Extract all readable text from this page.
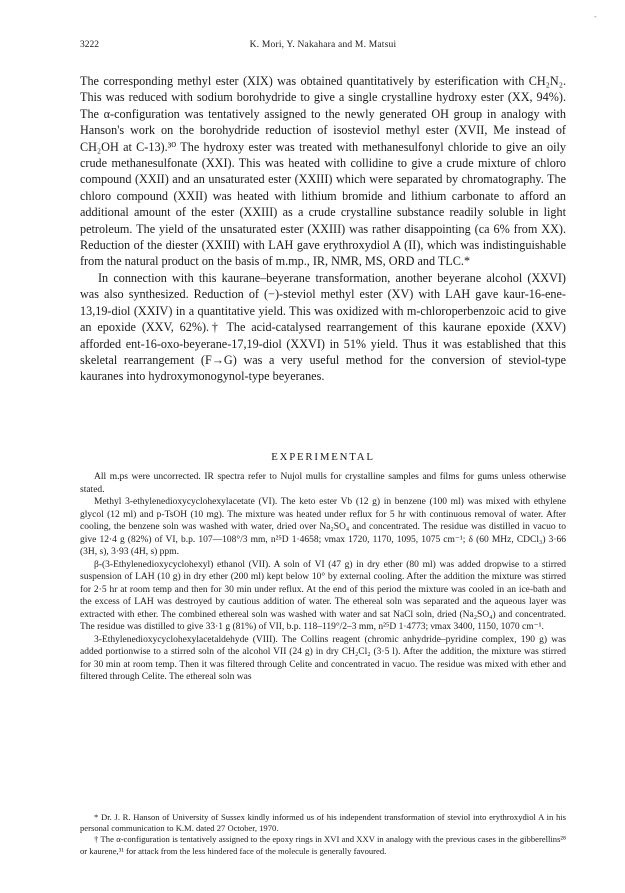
-
3222	K. Mori, Y. Nakahara and M. Matsui

The corresponding methyl ester (XIX) was obtained quantitatively by esterification with CH₂N₂. This was reduced with sodium borohydride to give a single crystalline hydroxy ester (XX, 94%). The α-configuration was tentatively assigned to the newly generated OH group in analogy with Hanson's work on the borohydride reduction of isosteviol methyl ester (XVII, Me instead of CH₂OH at C-13).³⁰ The hydroxy ester was treated with methanesulfonyl chloride to give an oily crude methanesulfonate (XXI). This was heated with collidine to give a crude mixture of chloro compound (XXII) and an unsaturated ester (XXIII) which were separated by chromatography. The chloro compound (XXII) was heated with lithium bromide and lithium carbonate to afford an additional amount of the ester (XXIII) as a crude crystalline substance readily soluble in light petroleum. The yield of the unsaturated ester (XXIII) was rather disappointing (ca 6% from XX). Reduction of the diester (XXIII) with LAH gave erythroxydiol A (II), which was indistinguishable from the natural product on the basis of m.mp., IR, NMR, MS, ORD and TLC.*

In connection with this kaurane–beyerane transformation, another beyerane alcohol (XXVI) was also synthesized. Reduction of (−)-steviol methyl ester (XV) with LAH gave kaur-16-ene-13,19-diol (XXIV) in a quantitative yield. This was oxidized with m-chloroperbenzoic acid to give an epoxide (XXV, 62%).† The acid-catalysed rearrangement of this kaurane epoxide (XXV) afforded ent-16-oxo-beyerane-17,19-diol (XXVI) in 51% yield. Thus it was established that this skeletal rearrangement (F→G) was a very useful method for the conversion of steviol-type kauranes into hydroxymonogynol-type beyeranes.

EXPERIMENTAL

All m.ps were uncorrected. IR spectra refer to Nujol mulls for crystalline samples and films for gums unless otherwise stated.

Methyl 3-ethylenedioxycyclohexylacetate (VI). The keto ester Vb (12 g) in benzene (100 ml) was mixed with ethylene glycol (12 ml) and p-TsOH (10 mg). The mixture was heated under reflux for 5 hr with continuous removal of water. After cooling, the benzene soln was washed with water, dried over Na₂SO₄ and concentrated. The residue was distilled in vacuo to give 12·4 g (82%) of VI, b.p. 107—108°/3 mm, n²⁵D 1·4658; νmax 1720, 1170, 1095, 1075 cm⁻¹; δ (60 MHz, CDCl₃) 3·66 (3H, s), 3·93 (4H, s) ppm.

β-(3-Ethylenedioxycyclohexyl) ethanol (VII). A soln of VI (47 g) in dry ether (80 ml) was added dropwise to a stirred suspension of LAH (10 g) in dry ether (200 ml) kept below 10° by external cooling. After the addition the mixture was stirred for 2·5 hr at room temp and then for 30 min under reflux. At the end of this period the mixture was cooled in an ice-bath and the excess of LAH was destroyed by cautious addition of water. The ethereal soln was separated and the aqueous layer was extracted with ether. The combined ethereal soln was washed with water and sat NaCl soln, dried (Na₂SO₄) and concentrated. The residue was distilled to give 33·1 g (81%) of VII, b.p. 118–119°/2–3 mm, n²⁵D 1·4773; νmax 3400, 1150, 1070 cm⁻¹.

3-Ethylenedioxycyclohexylacetaldehyde (VIII). The Collins reagent (chromic anhydride–pyridine complex, 190 g) was added portionwise to a stirred soln of the alcohol VII (24 g) in dry CH₂Cl₂ (3·5 l). After the addition, the mixture was stirred for 30 min at room temp. Then it was filtered through Celite and concentrated in vacuo. The residue was mixed with ether and filtered through Celite. The ethereal soln was

* Dr. J. R. Hanson of University of Sussex kindly informed us of his independent transformation of steviol into erythroxydiol A in his personal communication to K.M. dated 27 October, 1970.

† The α-configuration is tentatively assigned to the epoxy rings in XVI and XXV in analogy with the previous cases in the gibberellins²⁸ or kaurene,³¹ for attack from the less hindered face of the molecule is generally favoured.
